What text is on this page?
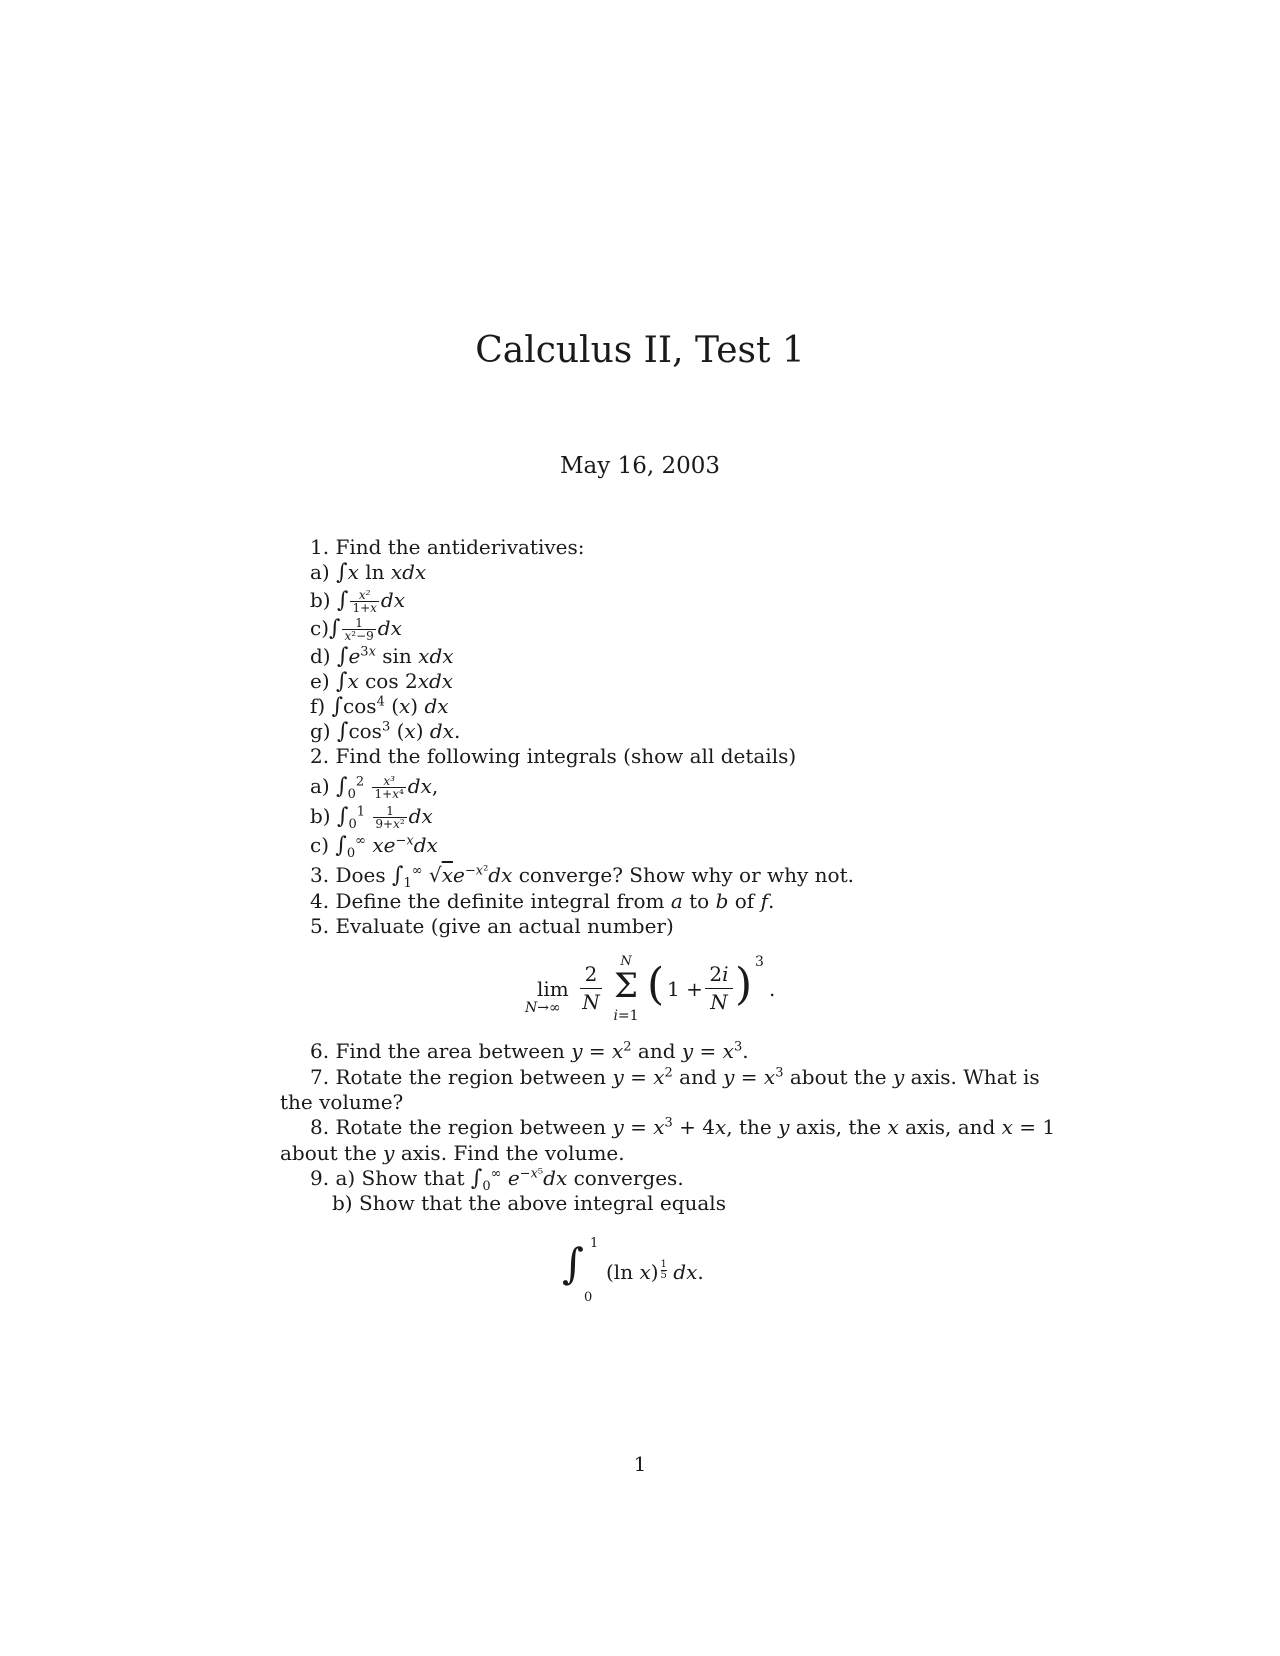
Calculus II, Test 1
May 16, 2003
1. Find the antiderivatives:
a) ∫x ln xdx
b) ∫ $\frac{\text{x²}}{1+x}$ dx
$c)\int \frac{1}{\text{x²−9}}$ dx
d) $\int e^{3x}$ sin xdx
e) ∫x cos 2xdx
f) $\int\cos^4$ (x) dx
g) $\int\cos^3$ (x) dx.
2. Find the following integrals (show all details)
a) $\int_0^2 \frac{\text{x³}}{\text{1+x⁴}}$ dx,
b) $\int_0^1 \frac{1}{\text{9+x²}}$ dx
c) $\int_0^\infty$ $xe^{-x}dx$
3. Does $\int_1^\infty$ $√xe^{-x^2}dx$ converge? Show why or why not.
4. Define the definite integral from a to b of f.
5. Evaluate (give an actual number)
lim
N→∞
2
N
N
Σ
i=1
( 1 +
2i
N ) 3
.
6. Find the area between $y = x^2$ and $y = x^3$.
7. Rotate the region between $y = x^2$ and $y = x^3$ about the y axis. What is
the volume?
8. Rotate the region between $y = x^3 + 4x$, the y axis, the x axis, and x = 1
about the y axis. Find the volume.
9. a) Show that $\int_0^\infty$ $e^{-x^5}dx$ converges.
b) Show that the above integral equals
∫ 1
0
(ln $x) \frac{1}{5}$ dx.
1
